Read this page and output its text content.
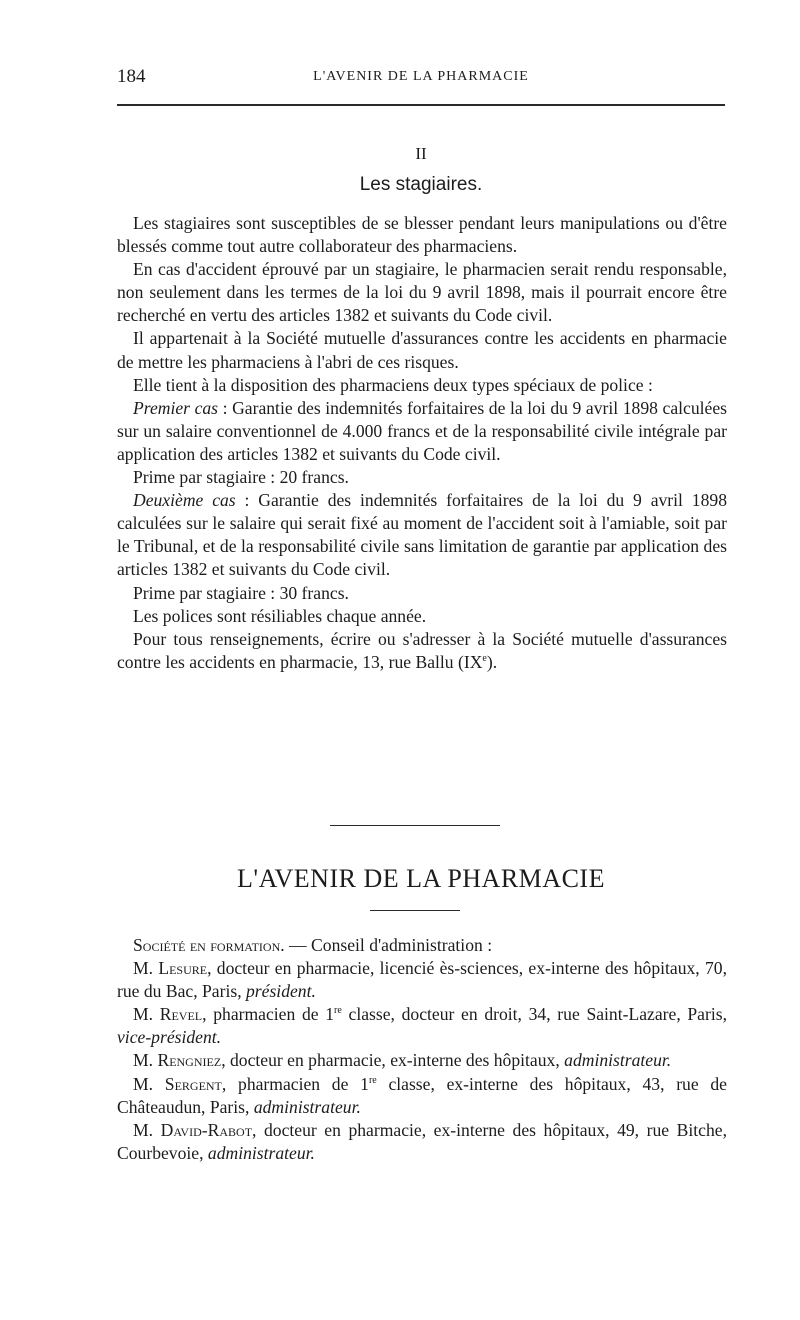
184	L'AVENIR DE LA PHARMACIE
II
Les stagiaires.

Les stagiaires sont susceptibles de se blesser pendant leurs manipulations ou d'être blessés comme tout autre collaborateur des pharmaciens.

En cas d'accident éprouvé par un stagiaire, le pharmacien serait rendu responsable, non seulement dans les termes de la loi du 9 avril 1898, mais il pourrait encore être recherché en vertu des articles 1382 et suivants du Code civil.

Il appartenait à la Société mutuelle d'assurances contre les accidents en pharmacie de mettre les pharmaciens à l'abri de ces risques.

Elle tient à la disposition des pharmaciens deux types spéciaux de police :

Premier cas : Garantie des indemnités forfaitaires de la loi du 9 avril 1898 calculées sur un salaire conventionnel de 4.000 francs et de la responsabilité civile intégrale par application des articles 1382 et suivants du Code civil.

Prime par stagiaire : 20 francs.

Deuxième cas : Garantie des indemnités forfaitaires de la loi du 9 avril 1898 calculées sur le salaire qui serait fixé au moment de l'accident soit à l'amiable, soit par le Tribunal, et de la responsabilité civile sans limitation de garantie par application des articles 1382 et suivants du Code civil.

Prime par stagiaire : 30 francs.

Les polices sont résiliables chaque année.

Pour tous renseignements, écrire ou s'adresser à la Société mutuelle d'assurances contre les accidents en pharmacie, 13, rue Ballu (IXe).

L'AVENIR DE LA PHARMACIE

Société en formation. — Conseil d'administration :

M. Lesure, docteur en pharmacie, licencié ès-sciences, ex-interne des hôpitaux, 70, rue du Bac, Paris, président.

M. Revel, pharmacien de 1re classe, docteur en droit, 34, rue Saint-Lazare, Paris, vice-président.

M. Rengniez, docteur en pharmacie, ex-interne des hôpitaux, administrateur.

M. Sergent, pharmacien de 1re classe, ex-interne des hôpitaux, 43, rue de Châteaudun, Paris, administrateur.

M. David-Rabot, docteur en pharmacie, ex-interne des hôpitaux, 49, rue Bitche, Courbevoie, administrateur.
